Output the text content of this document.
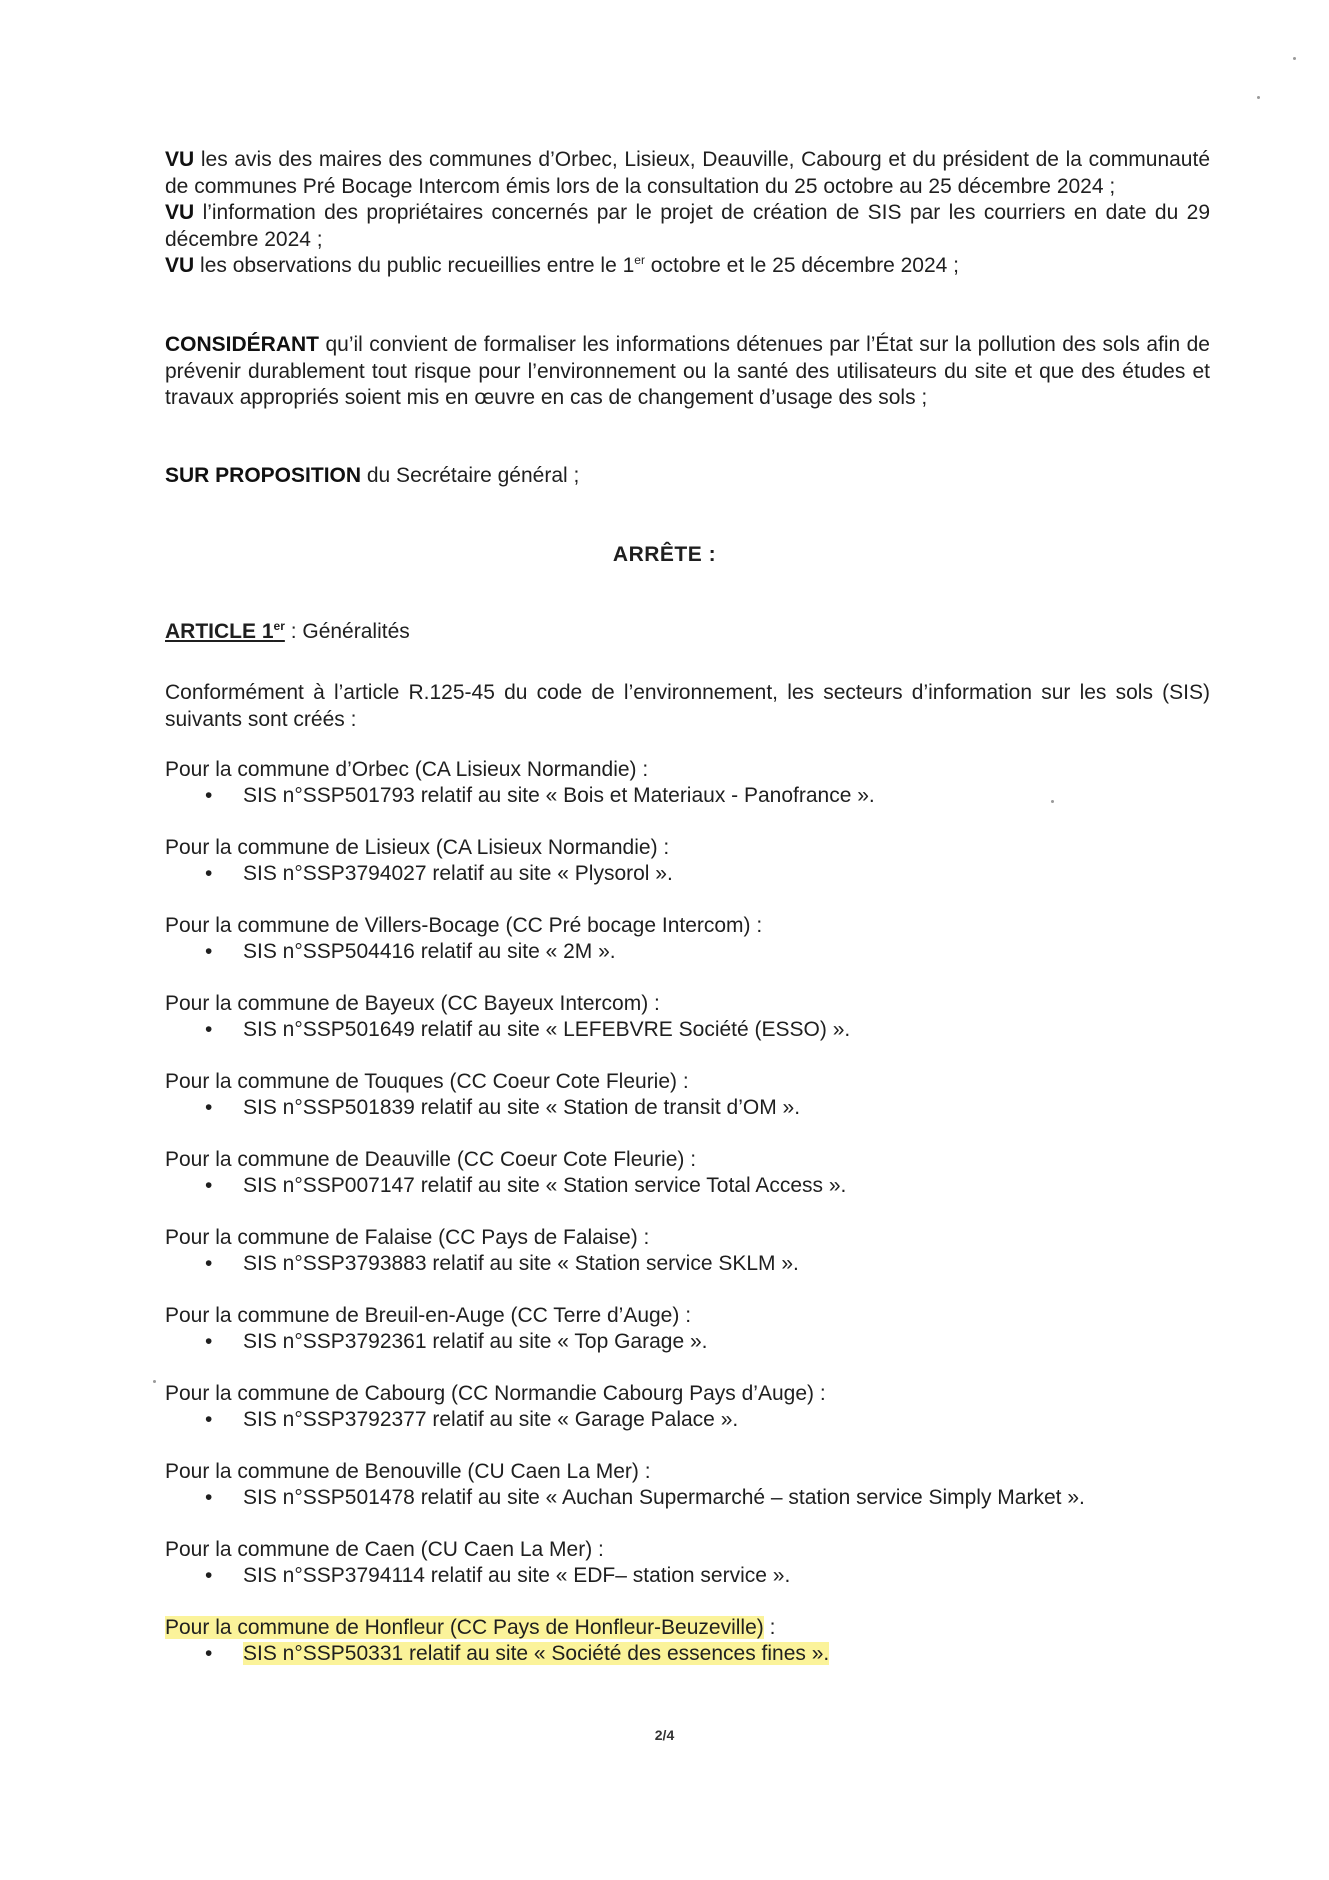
VU les avis des maires des communes d’Orbec, Lisieux, Deauville, Cabourg et du président de la communauté de communes Pré Bocage Intercom émis lors de la consultation du 25 octobre au 25 décembre 2024 ;

VU l’information des propriétaires concernés par le projet de création de SIS par les courriers en date du 29 décembre 2024 ;

VU les observations du public recueillies entre le 1er octobre et le 25 décembre 2024 ;

CONSIDÉRANT qu’il convient de formaliser les informations détenues par l’État sur la pollution des sols afin de prévenir durablement tout risque pour l’environnement ou la santé des utilisateurs du site et que des études et travaux appropriés soient mis en œuvre en cas de changement d’usage des sols ;
SUR PROPOSITION du Secrétaire général ;
ARRÊTE :
ARTICLE 1er : Généralités
Conformément à l’article R.125-45 du code de l’environnement, les secteurs d’information sur les sols (SIS) suivants sont créés :

Pour la commune d’Orbec (CA Lisieux Normandie) :

• SIS n°SSP501793 relatif au site « Bois et Materiaux - Panofrance ».

Pour la commune de Lisieux (CA Lisieux Normandie) :

• SIS n°SSP3794027 relatif au site « Plysorol ».

Pour la commune de Villers-Bocage (CC Pré bocage Intercom) :

• SIS n°SSP504416 relatif au site « 2M ».

Pour la commune de Bayeux (CC Bayeux Intercom) :

• SIS n°SSP501649 relatif au site « LEFEBVRE Société (ESSO) ».

Pour la commune de Touques (CC Coeur Cote Fleurie) :

• SIS n°SSP501839 relatif au site « Station de transit d’OM ».

Pour la commune de Deauville (CC Coeur Cote Fleurie) :

• SIS n°SSP007147 relatif au site « Station service Total Access ».

Pour la commune de Falaise (CC Pays de Falaise) :

• SIS n°SSP3793883 relatif au site « Station service SKLM ».

Pour la commune de Breuil-en-Auge (CC Terre d’Auge) :

• SIS n°SSP3792361 relatif au site « Top Garage ».

Pour la commune de Cabourg (CC Normandie Cabourg Pays d’Auge) :

• SIS n°SSP3792377 relatif au site « Garage Palace ».

Pour la commune de Benouville (CU Caen La Mer) :

• SIS n°SSP501478 relatif au site « Auchan Supermarché – station service Simply Market ».

Pour la commune de Caen (CU Caen La Mer) :

• SIS n°SSP3794114 relatif au site « EDF– station service ».

Pour la commune de Honfleur (CC Pays de Honfleur-Beuzeville) :

• SIS n°SSP50331 relatif au site « Société des essences fines ».

2/4
